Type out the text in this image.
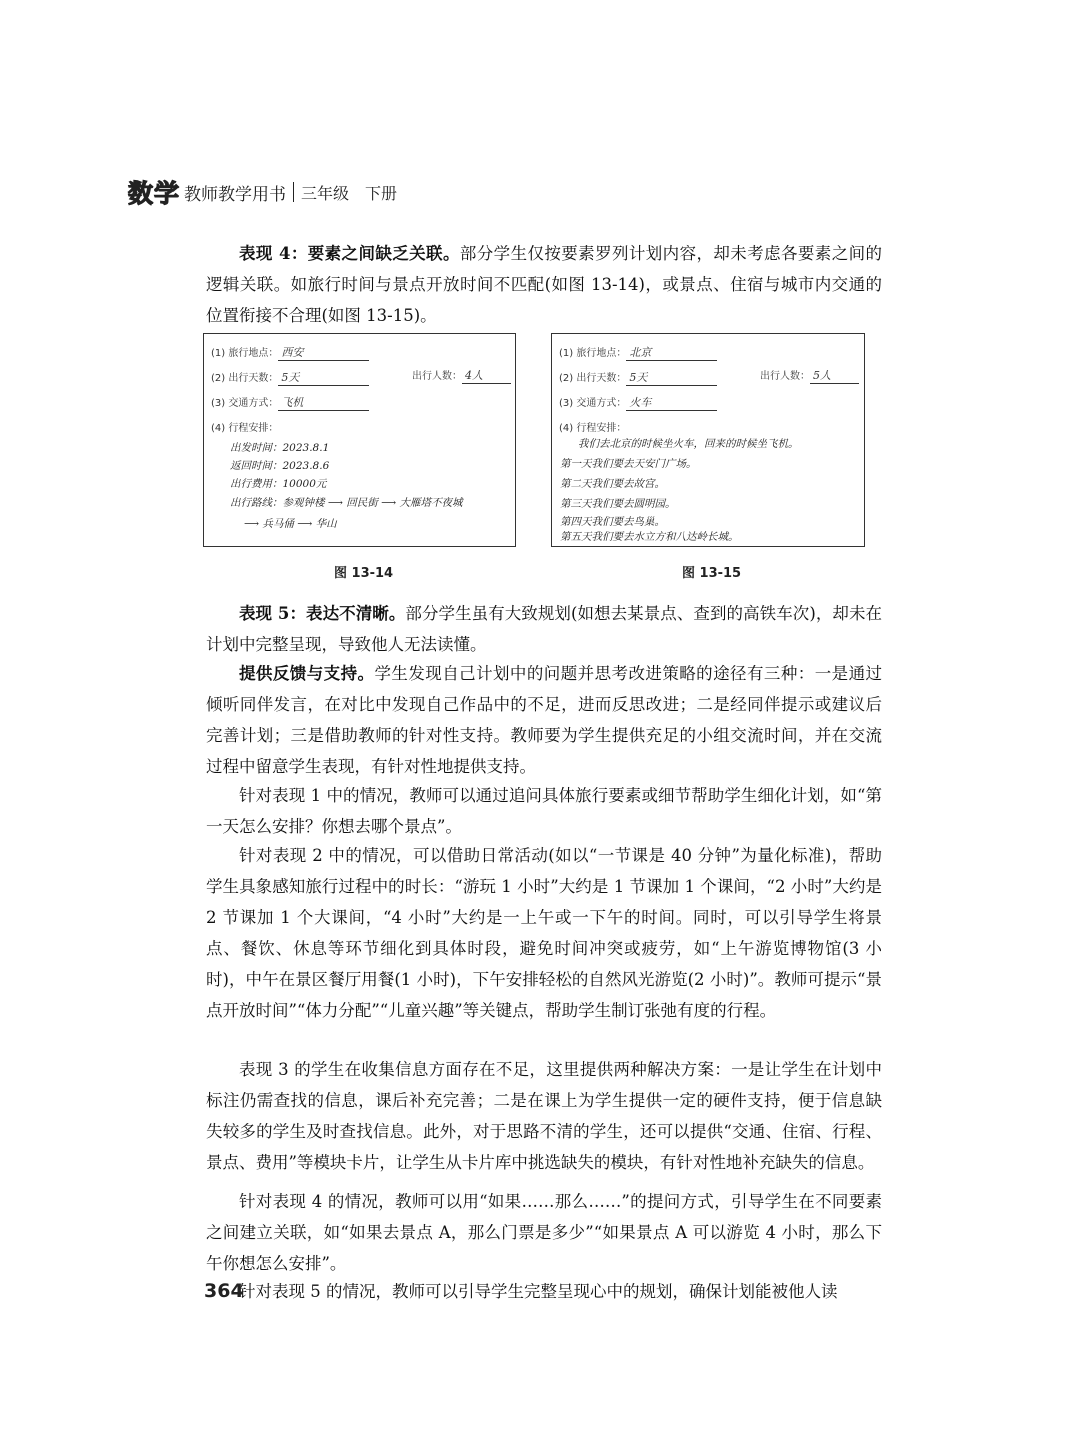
数学 教师教学用书 三年级　下册

表现 4：要素之间缺乏关联。部分学生仅按要素罗列计划内容，却未考虑各要素之间的逻辑关联。如旅行时间与景点开放时间不匹配(如图 13-14)，或景点、住宿与城市内交通的位置衔接不合理(如图 13-15)。

(1) 旅行地点： 西安
(2) 出行天数： 5天	出行人数： 4人
(3) 交通方式： 飞机
(4) 行程安排：
出发时间：2023.8.1
返回时间：2023.8.6
出行费用：10000元
出行路线：参观钟楼 ⟶ 回民街 ⟶ 大雁塔不夜城
⟶ 兵马俑 ⟶ 华山
图 13-14
(1) 旅行地点： 北京
(2) 出行天数： 5天	出行人数： 5人
(3) 交通方式： 火车
(4) 行程安排：
我们去北京的时候坐火车，回来的时候坐飞机。
第一天我们要去天安门广场。
第二天我们要去故宫。
第三天我们要去圆明园。
第四天我们要去鸟巢。
第五天我们要去水立方和八达岭长城。
图 13-15

表现 5：表达不清晰。部分学生虽有大致规划(如想去某景点、查到的高铁车次)，却未在计划中完整呈现，导致他人无法读懂。

提供反馈与支持。学生发现自己计划中的问题并思考改进策略的途径有三种：一是通过倾听同伴发言，在对比中发现自己作品中的不足，进而反思改进；二是经同伴提示或建议后完善计划；三是借助教师的针对性支持。教师要为学生提供充足的小组交流时间，并在交流过程中留意学生表现，有针对性地提供支持。

针对表现 1 中的情况，教师可以通过追问具体旅行要素或细节帮助学生细化计划，如“第一天怎么安排？你想去哪个景点”。

针对表现 2 中的情况，可以借助日常活动(如以“一节课是 40 分钟”为量化标准)，帮助学生具象感知旅行过程中的时长：“游玩 1 小时”大约是 1 节课加 1 个课间，“2 小时”大约是 2 节课加 1 个大课间，“4 小时”大约是一上午或一下午的时间。同时，可以引导学生将景点、餐饮、休息等环节细化到具体时段，避免时间冲突或疲劳，如“上午游览博物馆(3 小时)，中午在景区餐厅用餐(1 小时)，下午安排轻松的自然风光游览(2 小时)”。教师可提示“景点开放时间”“体力分配”“儿童兴趣”等关键点，帮助学生制订张弛有度的行程。

表现 3 的学生在收集信息方面存在不足，这里提供两种解决方案：一是让学生在计划中标注仍需查找的信息，课后补充完善；二是在课上为学生提供一定的硬件支持，便于信息缺失较多的学生及时查找信息。此外，对于思路不清的学生，还可以提供“交通、住宿、行程、景点、费用”等模块卡片，让学生从卡片库中挑选缺失的模块，有针对性地补充缺失的信息。

针对表现 4 的情况，教师可以用“如果……那么……”的提问方式，引导学生在不同要素之间建立关联，如“如果去景点 A，那么门票是多少”“如果景点 A 可以游览 4 小时，那么下午你想怎么安排”。

针对表现 5 的情况，教师可以引导学生完整呈现心中的规划，确保计划能被他人读

364
